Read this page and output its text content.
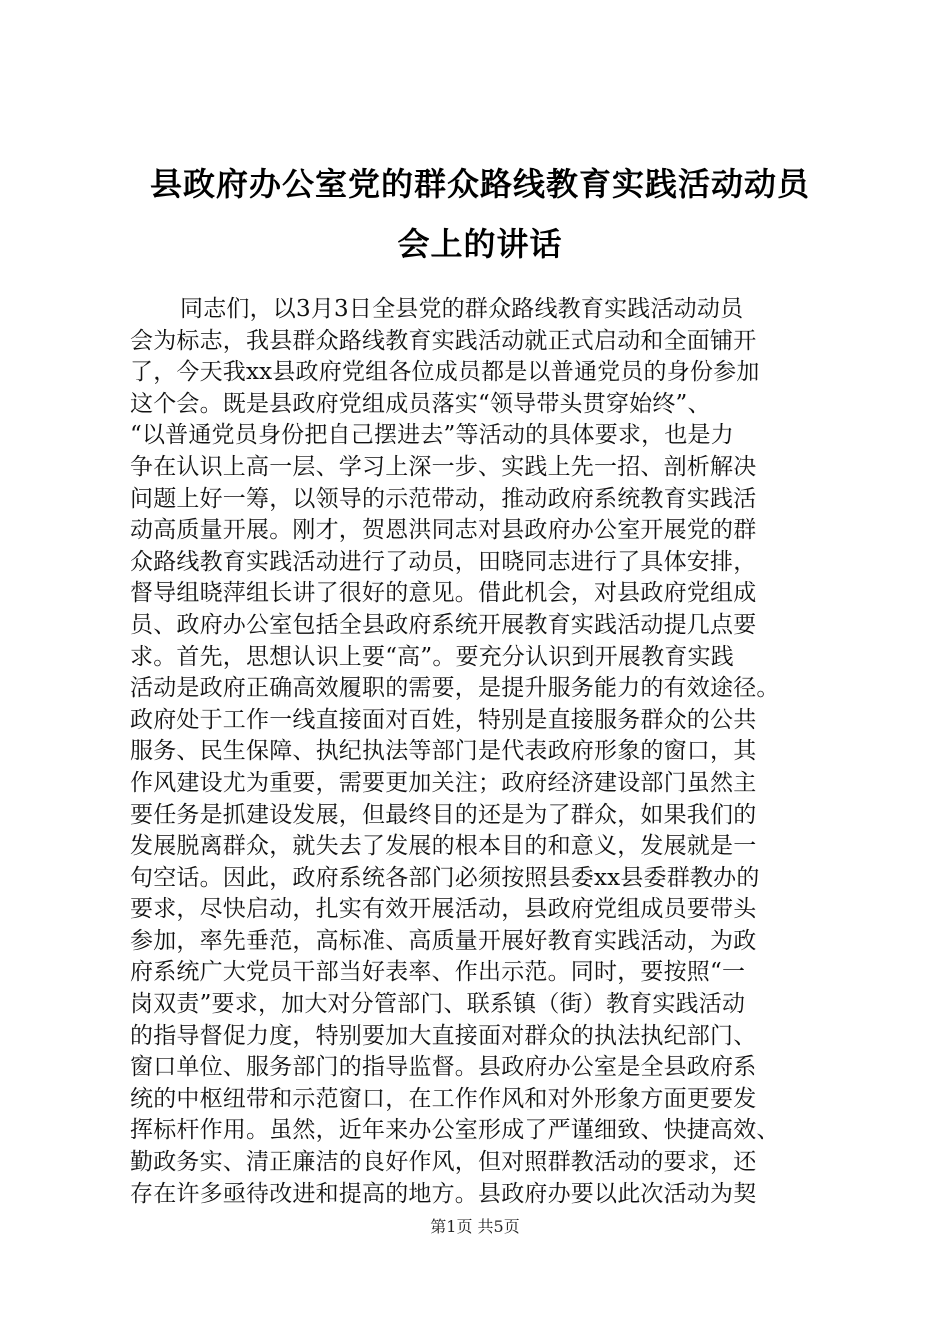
县政府办公室党的群众路线教育实践活动动员
会上的讲话
同志们，以3月3日全县党的群众路线教育实践活动动员
会为标志，我县群众路线教育实践活动就正式启动和全面铺开
了，今天我xx县政府党组各位成员都是以普通党员的身份参加
这个会。既是县政府党组成员落实“领导带头贯穿始终”、
“以普通党员身份把自己摆进去”等活动的具体要求，也是力
争在认识上高一层、学习上深一步、实践上先一招、剖析解决
问题上好一筹，以领导的示范带动，推动政府系统教育实践活
动高质量开展。刚才，贺恩洪同志对县政府办公室开展党的群
众路线教育实践活动进行了动员，田晓同志进行了具体安排，
督导组晓萍组长讲了很好的意见。借此机会，对县政府党组成
员、政府办公室包括全县政府系统开展教育实践活动提几点要
求。首先，思想认识上要“高”。要充分认识到开展教育实践
活动是政府正确高效履职的需要，是提升服务能力的有效途径。
政府处于工作一线直接面对百姓，特别是直接服务群众的公共
服务、民生保障、执纪执法等部门是代表政府形象的窗口，其
作风建设尤为重要，需要更加关注；政府经济建设部门虽然主
要任务是抓建设发展，但最终目的还是为了群众，如果我们的
发展脱离群众，就失去了发展的根本目的和意义，发展就是一
句空话。因此，政府系统各部门必须按照县委xx县委群教办的
要求，尽快启动，扎实有效开展活动，县政府党组成员要带头
参加，率先垂范，高标准、高质量开展好教育实践活动，为政
府系统广大党员干部当好表率、作出示范。同时，要按照“一
岗双责”要求，加大对分管部门、联系镇（街）教育实践活动
的指导督促力度，特别要加大直接面对群众的执法执纪部门、
窗口单位、服务部门的指导监督。县政府办公室是全县政府系
统的中枢纽带和示范窗口，在工作作风和对外形象方面更要发
挥标杆作用。虽然，近年来办公室形成了严谨细致、快捷高效、
勤政务实、清正廉洁的良好作风，但对照群教活动的要求，还
存在许多亟待改进和提高的地方。县政府办要以此次活动为契
第1页 共5页
